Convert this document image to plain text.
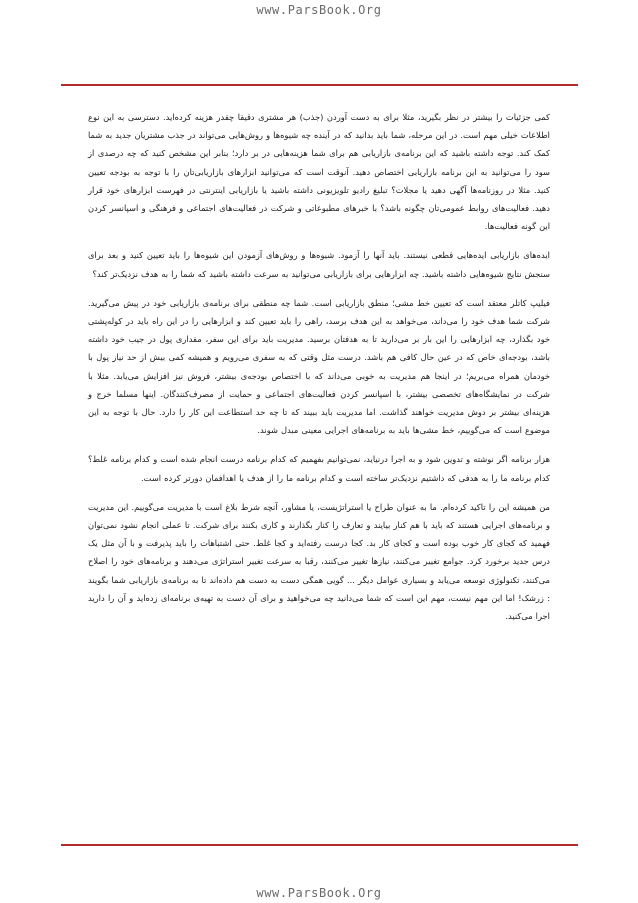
www.ParsBook.Org

کمی جزئیات را بیشتر در نظر بگیرید، مثلا برای به دست آوردن (جذب) هر مشتری دقیقا چقدر هزینه کرده‌اید. دسترسی به این نوع اطلاعات خیلی مهم است. در این مرحله، شما باید بدانید که در آینده چه شیوه‌ها و روش‌هایی می‌تواند در جذب مشتریان جدید به شما کمک کند. توجه داشته باشید که این برنامه‌ی بازاریابی هم برای شما هزینه‌هایی در بر دارد؛ بنابر این مشخص کنید که چه درصدی از سود را می‌توانید به این برنامه بازاریابی اختصاص دهید. آنوقت است که می‌توانید ابزارهای بازاریابی‌تان را با توجه به بودجه تعیین کنید. مثلا در روزنامه‌ها آگهی دهید یا مجلات؟ تبلیغ رادیو تلویزیونی داشته باشید یا بازاریابی اینترنتی در فهرست ابزارهای خود قرار دهید. فعالیت‌های روابط عمومی‌تان چگونه باشد؟ با خبرهای مطبوعاتی و شرکت در فعالیت‌های اجتماعی و فرهنگی و اسپانسر کردن این گونه فعالیت‌ها.

ایده‌های بازاریابی ایده‌هایی قطعی نیستند. باید آنها را آزمود. شیوه‌ها و روش‌های آزمودن این شیوه‌ها را باید تعیین کنید و بعد برای سنجش نتایج شیوه‌هایی داشته باشید. چه ابزارهایی برای بازاریابی می‌توانید به سرعت داشته باشید که شما را به هدف نزدیک‌تر کند؟

فیلیپ کاتلر معتقد است که تعیین خط مشی؛ منطق بازاریابی است. شما چه منطقی برای برنامه‌ی بازاریابی خود در پیش می‌گیرید. شرکت شما هدف خود را می‌داند، می‌خواهد به این هدف برسد، راهی را باید تعیین کند و ابزارهایی را در این راه باید در کوله‌پشتی خود بگذارد، چه ابزارهایی را این بار بر می‌دارید تا به هدفتان برسید. مدیریت باید برای این سفر، مقداری پول در جیب خود داشته باشد، بودجه‌ای خاص که در عین حال کافی هم باشد. درست مثل وقتی که به سفری می‌رویم و همیشه کمی بیش از حد نیاز پول با خودمان همراه می‌بریم؛ در اینجا هم مدیریت به خوبی می‌داند که با اختصاص بودجه‌ی بیشتر، فروش نیز افزایش می‌یابد. مثلا با شرکت در نمایشگاه‌های تخصصی بیشتر، با اسپانسر کردن فعالیت‌های اجتماعی و حمایت از مصرف‌کنندگان. اینها مسلما خرج و هزینه‌ای بیشتر بر دوش مدیریت خواهند گذاشت. اما مدیریت باید ببیند که تا چه حد استطاعت این کار را دارد. حال با توجه به این موضوع است که می‌گوییم، خط مشی‌ها باید به برنامه‌های اجرایی معینی مبدل شوند.

هزار برنامه اگر نوشته و تدوین شود و به اجرا درنیاید، نمی‌توانیم بفهمیم که کدام برنامه درست انجام شده است و کدام برنامه غلط؟ کدام برنامه ما را به هدفی که داشتیم نزدیک‌تر ساخته است و کدام برنامه ما را از هدف یا اهدافمان دورتر کرده است.

من همیشه این را تاکید کرده‌ام. ما به عنوان طراح یا استراتژیست، یا مشاور، آنچه شرط بلاغ است با مدیریت می‌گوییم. این مدیریت و برنامه‌های اجرایی هستند که باید با هم کنار بیایند و تعارف را کنار بگذارند و کاری بکنند برای شرکت. تا عملی انجام نشود نمی‌توان فهمید که کجای کار خوب بوده است و کجای کار بد. کجا درست رفته‌اید و کجا غلط. حتی اشتباهات را باید پذیرفت و با آن مثل یک درس جدید برخورد کرد. جوامع تغییر می‌کنند، نیازها تغییر می‌کنند، رقبا به سرعت تغییر استراتژی می‌دهند و برنامه‌های خود را اصلاح می‌کنند، تکنولوژی توسعه می‌یابد و بسیاری عوامل دیگر ... گویی همگی دست به دست هم داده‌اند تا به برنامه‌ی بازاریابی شما بگویند : زرشک! اما این مهم نیست، مهم این است که شما می‌دانید چه می‌خواهید و برای آن دست به تهیه‌ی برنامه‌ای زده‌اید و آن را دارید اجرا می‌کنید.

www.ParsBook.Org
